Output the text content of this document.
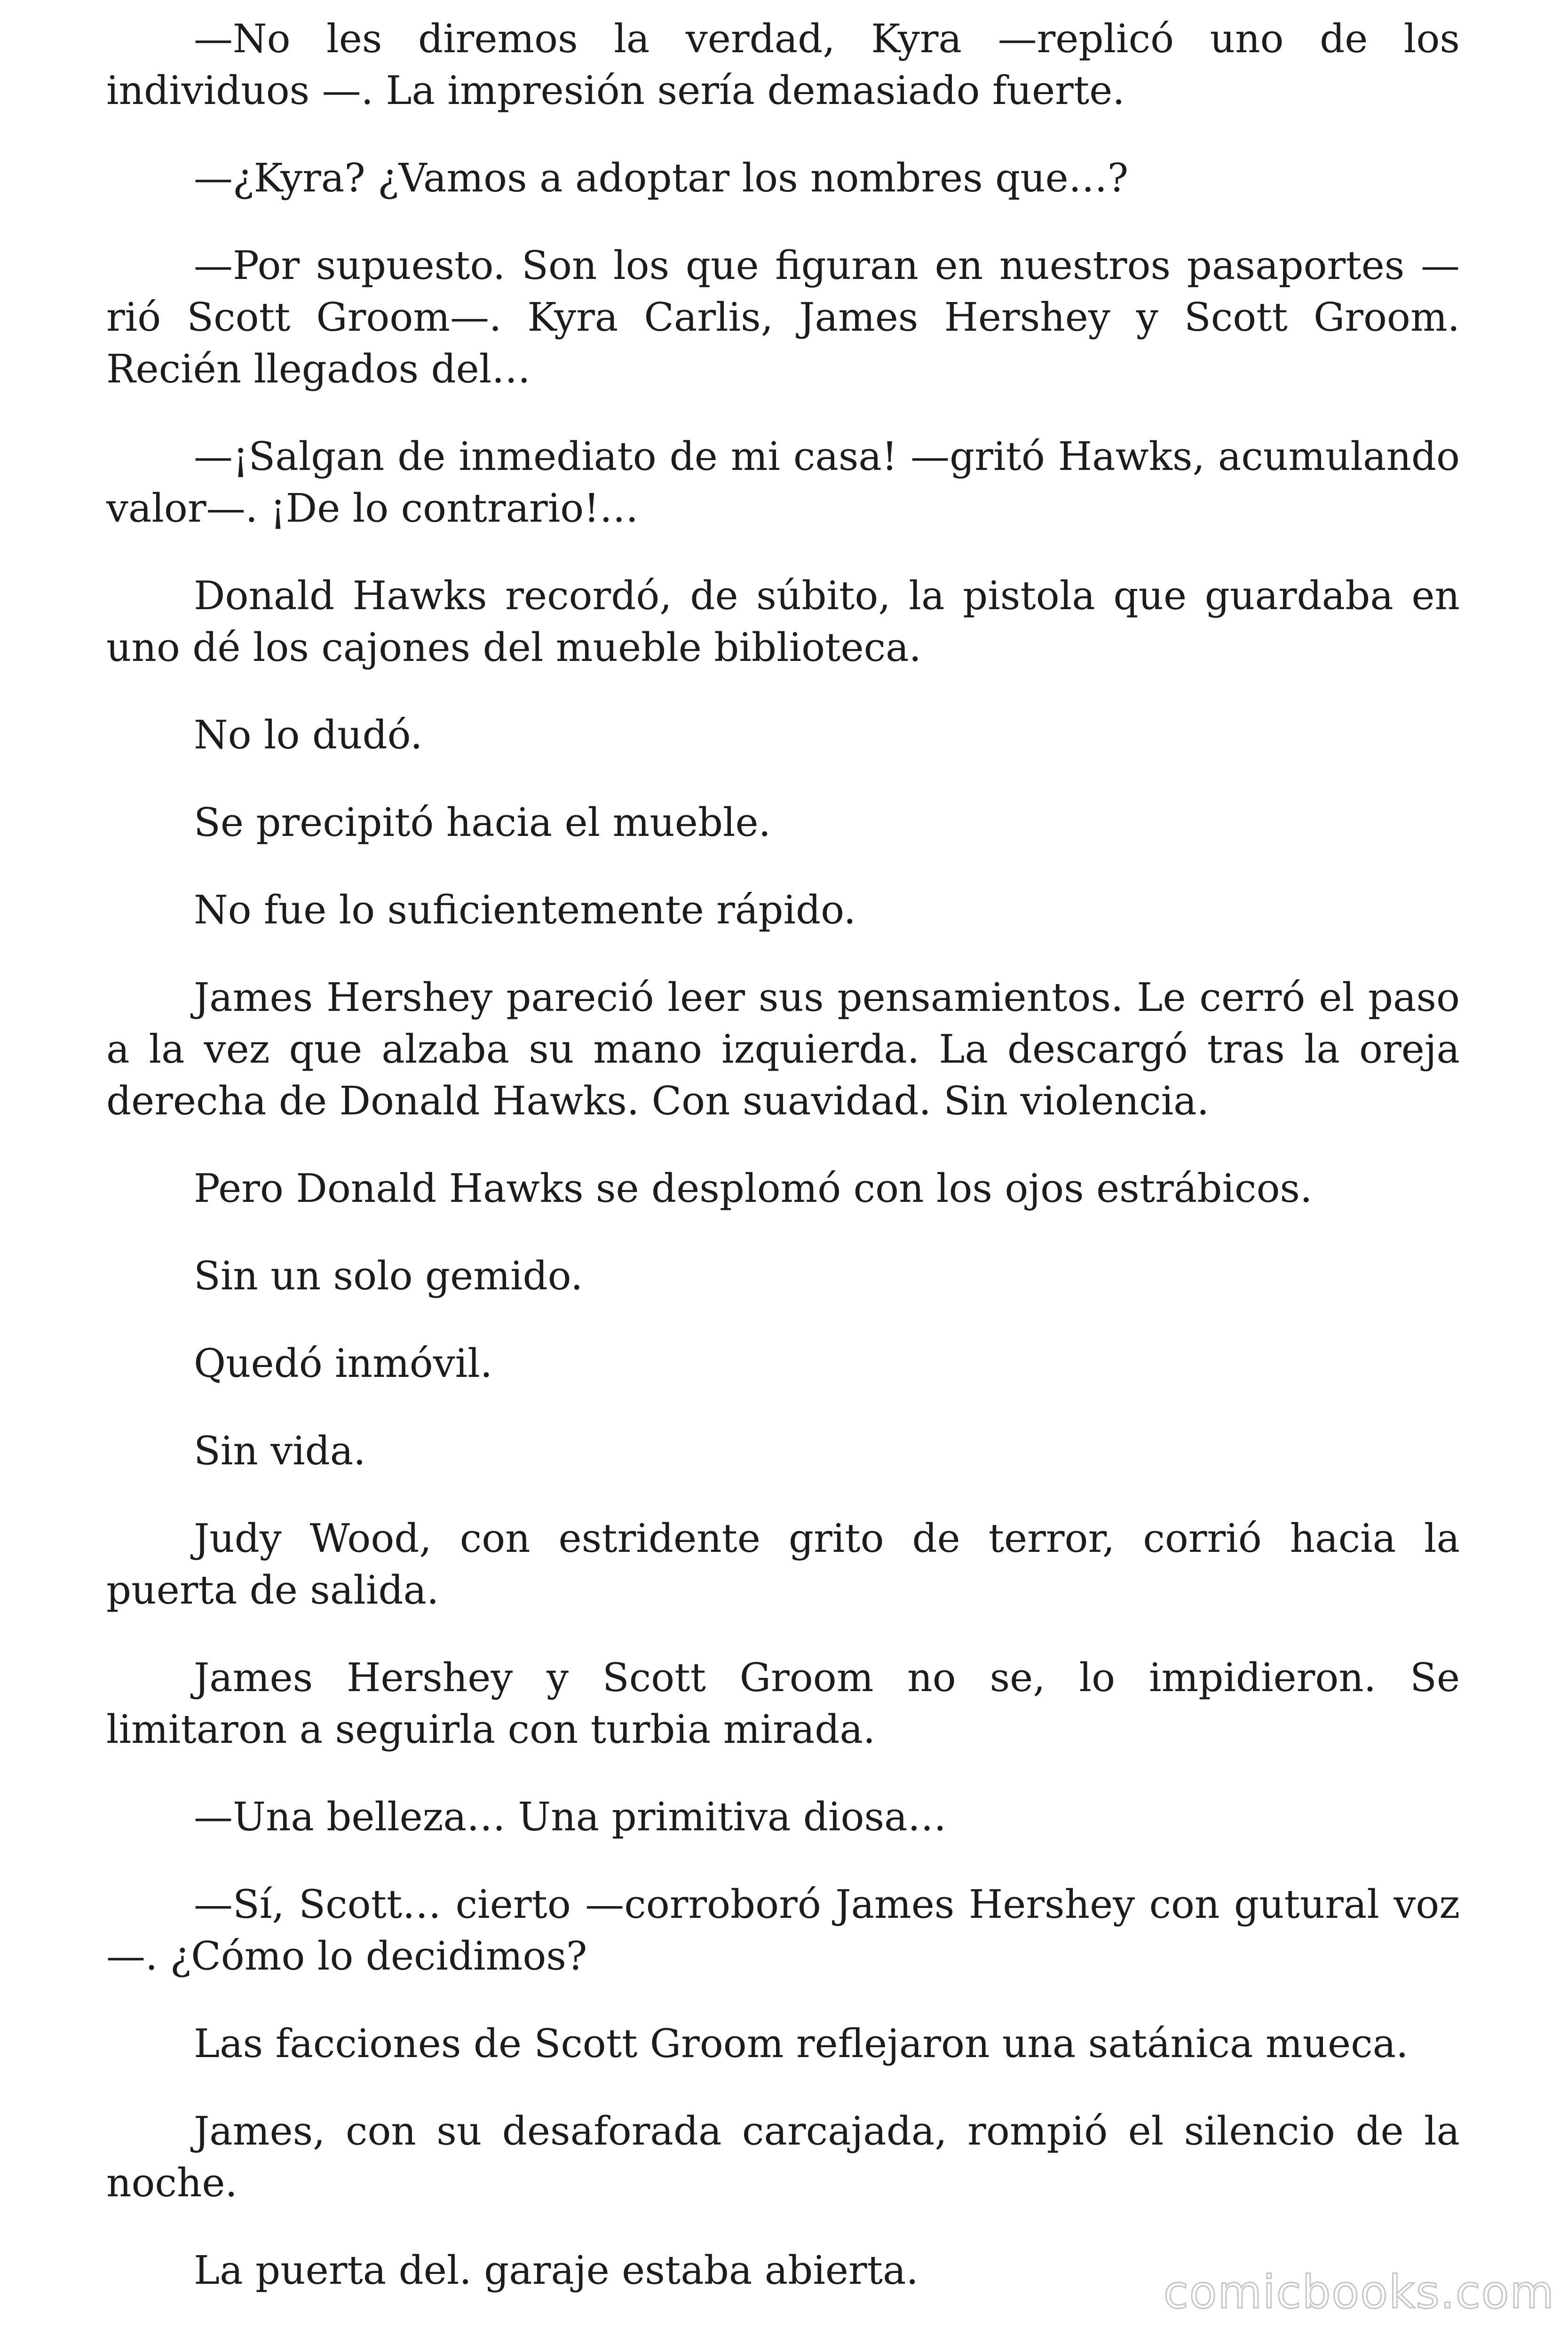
—No les diremos la verdad, Kyra —replicó uno de los individuos —. La impresión sería demasiado fuerte.

—¿Kyra? ¿Vamos a adoptar los nombres que…?

—Por supuesto. Son los que figuran en nuestros pasaportes —rió Scott Groom—. Kyra Carlis, James Hershey y Scott Groom. Recién llegados del…

—¡Salgan de inmediato de mi casa! —gritó Hawks, acumulando valor—. ¡De lo contrario!…

Donald Hawks recordó, de súbito, la pistola que guardaba en uno dé los cajones del mueble biblioteca.

No lo dudó.

Se precipitó hacia el mueble.

No fue lo suficientemente rápido.

James Hershey pareció leer sus pensamientos. Le cerró el paso a la vez que alzaba su mano izquierda. La descargó tras la oreja derecha de Donald Hawks. Con suavidad. Sin violencia.

Pero Donald Hawks se desplomó con los ojos estrábicos.

Sin un solo gemido.

Quedó inmóvil.

Sin vida.

Judy Wood, con estridente grito de terror, corrió hacia la puerta de salida.

James Hershey y Scott Groom no se, lo impidieron. Se limitaron a seguirla con turbia mirada.

—Una belleza… Una primitiva diosa…

—Sí, Scott… cierto —corroboró James Hershey con gutural voz—. ¿Cómo lo decidimos?

Las facciones de Scott Groom reflejaron una satánica mueca.

James, con su desaforada carcajada, rompió el silencio de la noche.

La puerta del. garaje estaba abierta.	comicbooks.com
